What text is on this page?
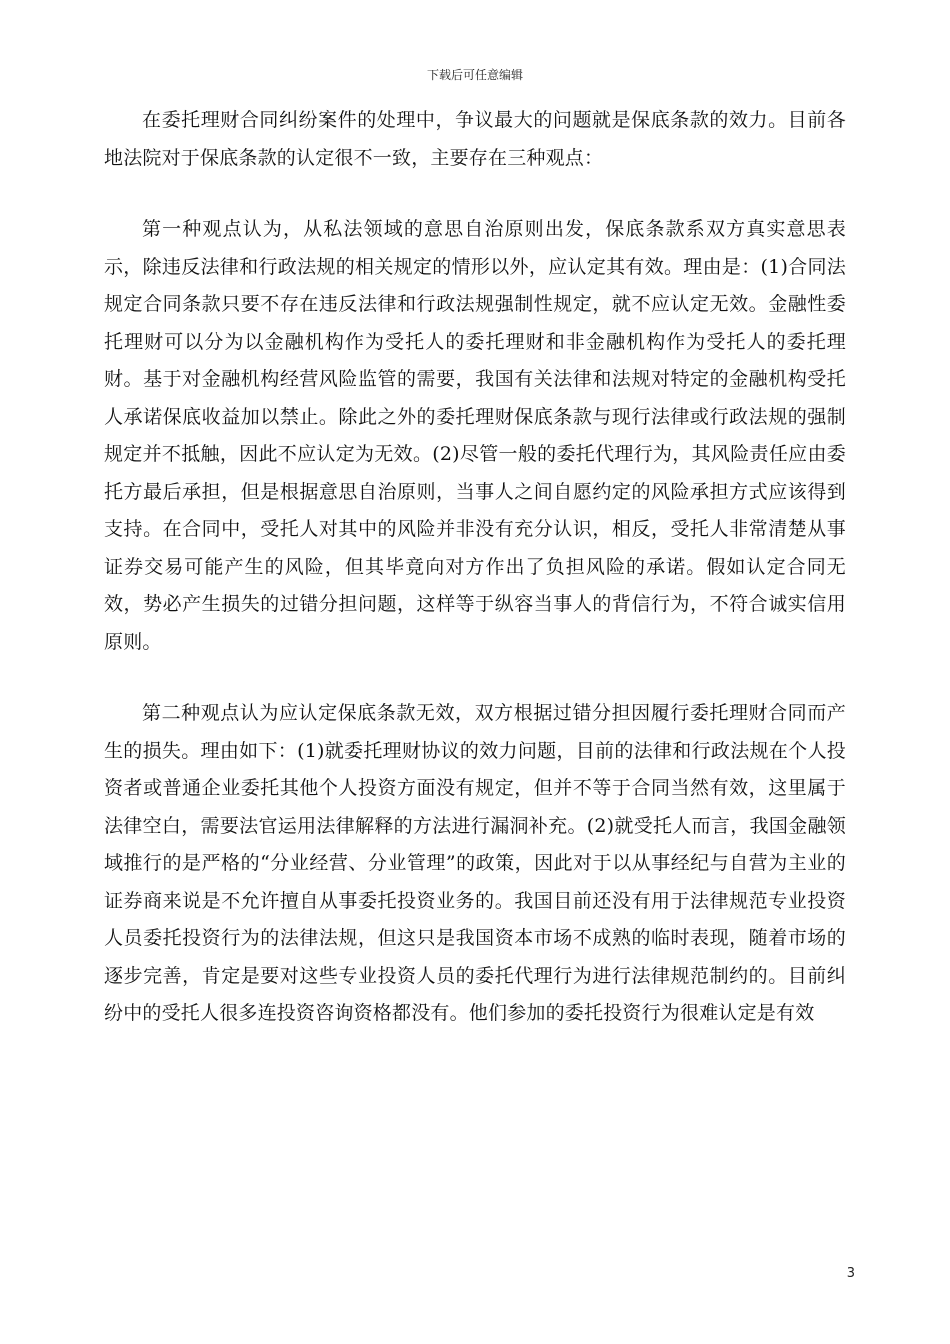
下载后可任意编辑

在委托理财合同纠纷案件的处理中，争议最大的问题就是保底条款的效力。目前各地法院对于保底条款的认定很不一致，主要存在三种观点：

第一种观点认为，从私法领域的意思自治原则出发，保底条款系双方真实意思表示，除违反法律和行政法规的相关规定的情形以外，应认定其有效。理由是：(1)合同法规定合同条款只要不存在违反法律和行政法规强制性规定，就不应认定无效。金融性委托理财可以分为以金融机构作为受托人的委托理财和非金融机构作为受托人的委托理财。基于对金融机构经营风险监管的需要，我国有关法律和法规对特定的金融机构受托人承诺保底收益加以禁止。除此之外的委托理财保底条款与现行法律或行政法规的强制规定并不抵触，因此不应认定为无效。(2)尽管一般的委托代理行为，其风险责任应由委托方最后承担，但是根据意思自治原则，当事人之间自愿约定的风险承担方式应该得到支持。在合同中，受托人对其中的风险并非没有充分认识，相反，受托人非常清楚从事证券交易可能产生的风险，但其毕竟向对方作出了负担风险的承诺。假如认定合同无效，势必产生损失的过错分担问题，这样等于纵容当事人的背信行为，不符合诚实信用原则。

第二种观点认为应认定保底条款无效，双方根据过错分担因履行委托理财合同而产生的损失。理由如下：(1)就委托理财协议的效力问题，目前的法律和行政法规在个人投资者或普通企业委托其他个人投资方面没有规定，但并不等于合同当然有效，这里属于法律空白，需要法官运用法律解释的方法进行漏洞补充。(2)就受托人而言，我国金融领域推行的是严格的“分业经营、分业管理”的政策，因此对于以从事经纪与自营为主业的证券商来说是不允许擅自从事委托投资业务的。我国目前还没有用于法律规范专业投资人员委托投资行为的法律法规，但这只是我国资本市场不成熟的临时表现，随着市场的逐步完善，肯定是要对这些专业投资人员的委托代理行为进行法律规范制约的。目前纠纷中的受托人很多连投资咨询资格都没有。他们参加的委托投资行为很难认定是有效

3
